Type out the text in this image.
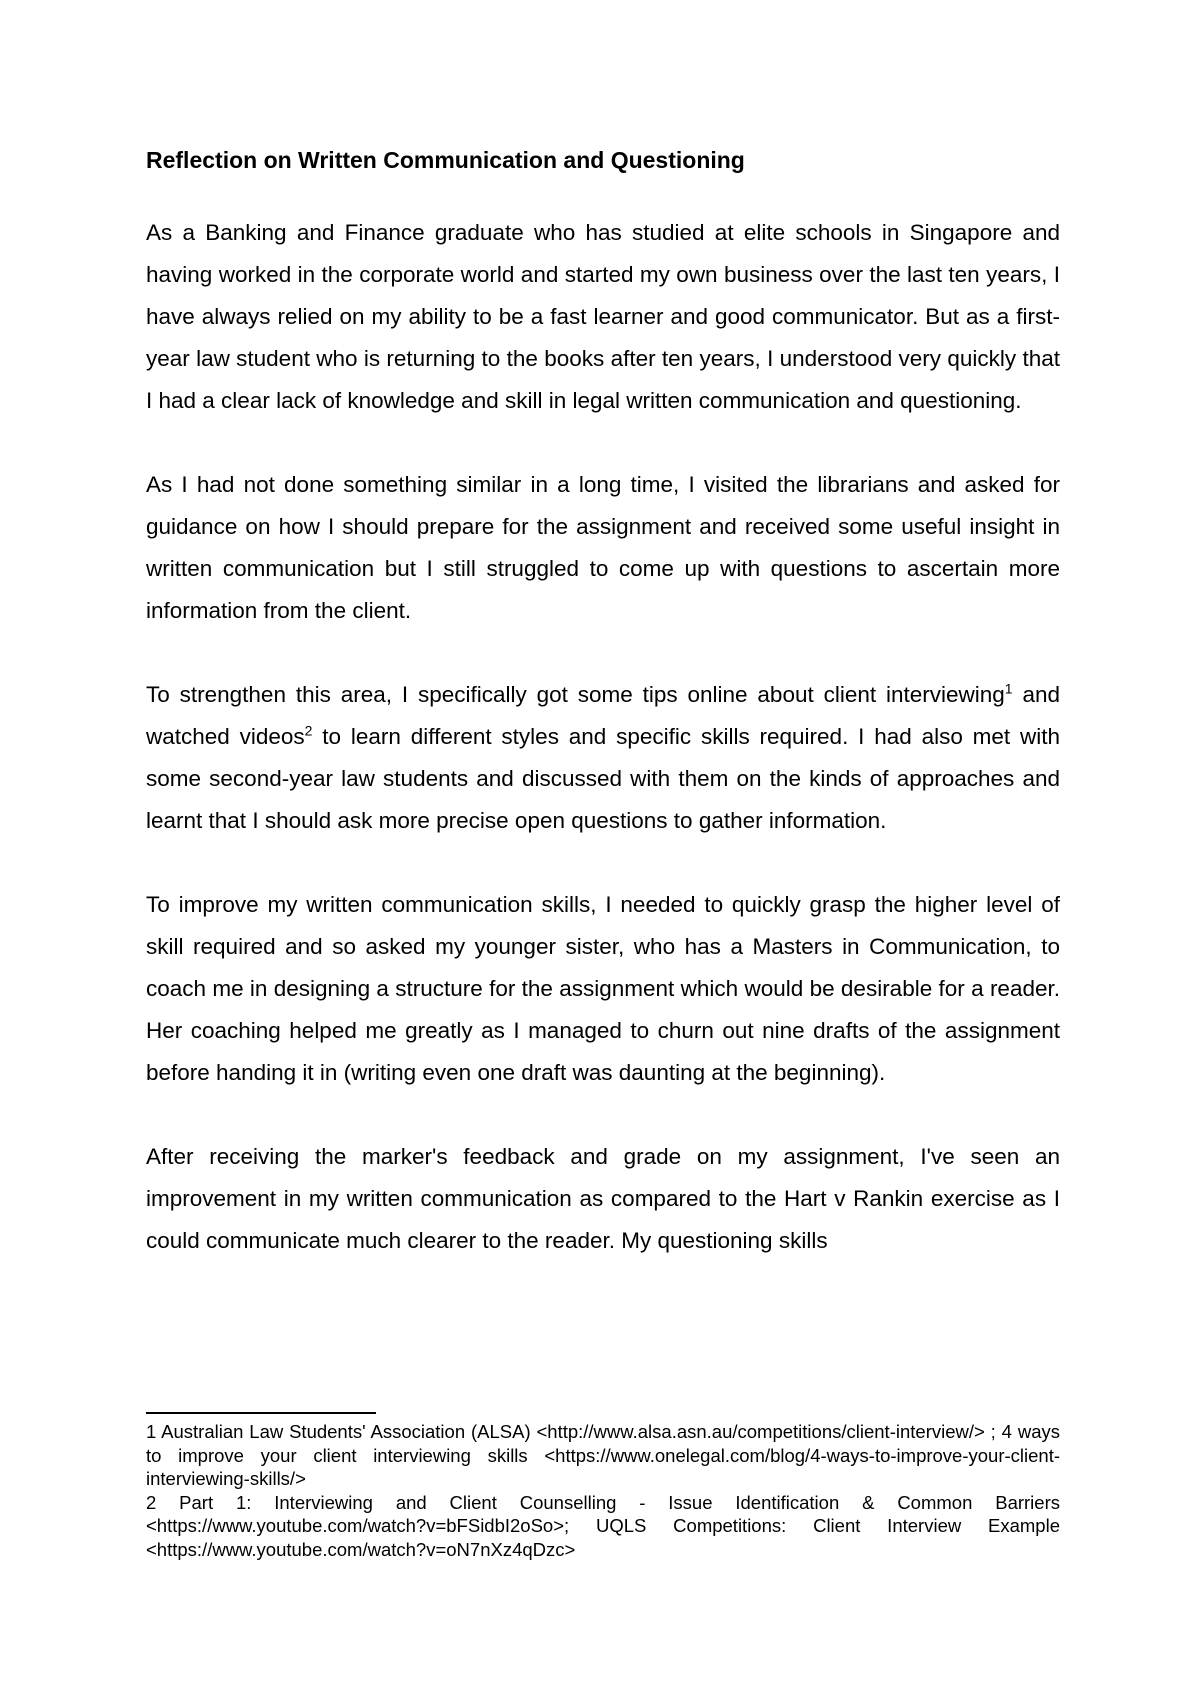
Reflection on Written Communication and Questioning

As a Banking and Finance graduate who has studied at elite schools in Singapore and having worked in the corporate world and started my own business over the last ten years, I have always relied on my ability to be a fast learner and good communicator. But as a first-year law student who is returning to the books after ten years, I understood very quickly that I had a clear lack of knowledge and skill in legal written communication and questioning.

As I had not done something similar in a long time, I visited the librarians and asked for guidance on how I should prepare for the assignment and received some useful insight in written communication but I still struggled to come up with questions to ascertain more information from the client.

To strengthen this area, I specifically got some tips online about client interviewing$^1$ and watched videos$^2$ to learn different styles and specific skills required. I had also met with some second-year law students and discussed with them on the kinds of approaches and learnt that I should ask more precise open questions to gather information.

To improve my written communication skills, I needed to quickly grasp the higher level of skill required and so asked my younger sister, who has a Masters in Communication, to coach me in designing a structure for the assignment which would be desirable for a reader. Her coaching helped me greatly as I managed to churn out nine drafts of the assignment before handing it in (writing even one draft was daunting at the beginning).

After receiving the marker's feedback and grade on my assignment, I've seen an improvement in my written communication as compared to the Hart v Rankin exercise as I could communicate much clearer to the reader. My questioning skills

1 Australian Law Students' Association (ALSA) <http://www.alsa.asn.au/competitions/client-interview/> ; 4 ways to improve your client interviewing skills <https://www.onelegal.com/blog/4-ways-to-improve-your-client-interviewing-skills/>

2 Part 1: Interviewing and Client Counselling - Issue Identification & Common Barriers <https://www.youtube.com/watch?v=bFSidbI2oSo>; UQLS Competitions: Client Interview Example <https://www.youtube.com/watch?v=oN7nXz4qDzc>
